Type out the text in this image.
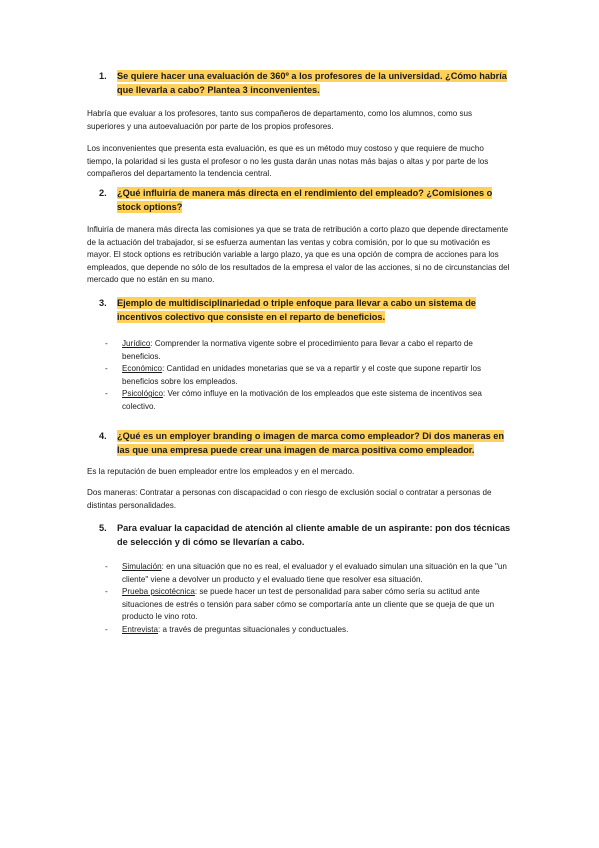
1.	Se quiere hacer una evaluación de 360º a los profesores de la universidad. ¿Cómo habría que llevarla a cabo? Plantea 3 inconvenientes.

Habría que evaluar a los profesores, tanto sus compañeros de departamento, como los alumnos, como sus superiores y una autoevaluación por parte de los propios profesores.

Los inconvenientes que presenta esta evaluación, es que es un método muy costoso y que requiere de mucho tiempo, la polaridad si les gusta el profesor o no les gusta darán unas notas más bajas o altas y por parte de los compañeros del departamento la tendencia central.

2.	¿Qué influiría de manera más directa en el rendimiento del empleado? ¿Comisiones o stock options?

Influiría de manera más directa las comisiones ya que se trata de retribución a corto plazo que depende directamente de la actuación del trabajador, si se esfuerza aumentan las ventas y cobra comisión, por lo que su motivación es mayor. El stock options es retribución variable a largo plazo, ya que es una opción de compra de acciones para los empleados, que depende no sólo de los resultados de la empresa el valor de las acciones, si no de circunstancias del mercado que no están en su mano.

3.	Ejemplo de multidisciplinariedad o triple enfoque para llevar a cabo un sistema de incentivos colectivo que consiste en el reparto de beneficios.
- Jurídico: Comprender la normativa vigente sobre el procedimiento para llevar a cabo el reparto de beneficios.
- Económico: Cantidad en unidades monetarias que se va a repartir y el coste que supone repartir los beneficios sobre los empleados.
- Psicológico: Ver cómo influye en la motivación de los empleados que este sistema de incentivos sea colectivo.
4.	¿Qué es un employer branding o imagen de marca como empleador? Di dos maneras en las que una empresa puede crear una imagen de marca positiva como empleador.

Es la reputación de buen empleador entre los empleados y en el mercado.

Dos maneras: Contratar a personas con discapacidad o con riesgo de exclusión social o contratar a personas de distintas personalidades.

5.	Para evaluar la capacidad de atención al cliente amable de un aspirante: pon dos técnicas de selección y di cómo se llevarían a cabo.
- Simulación: en una situación que no es real, el evaluador y el evaluado simulan una situación en la que "un cliente" viene a devolver un producto y el evaluado tiene que resolver esa situación.
- Prueba psicotécnica: se puede hacer un test de personalidad para saber cómo sería su actitud ante situaciones de estrés o tensión para saber cómo se comportaría ante un cliente que se queja de que un producto le vino roto.
- Entrevista: a través de preguntas situacionales y conductuales.
